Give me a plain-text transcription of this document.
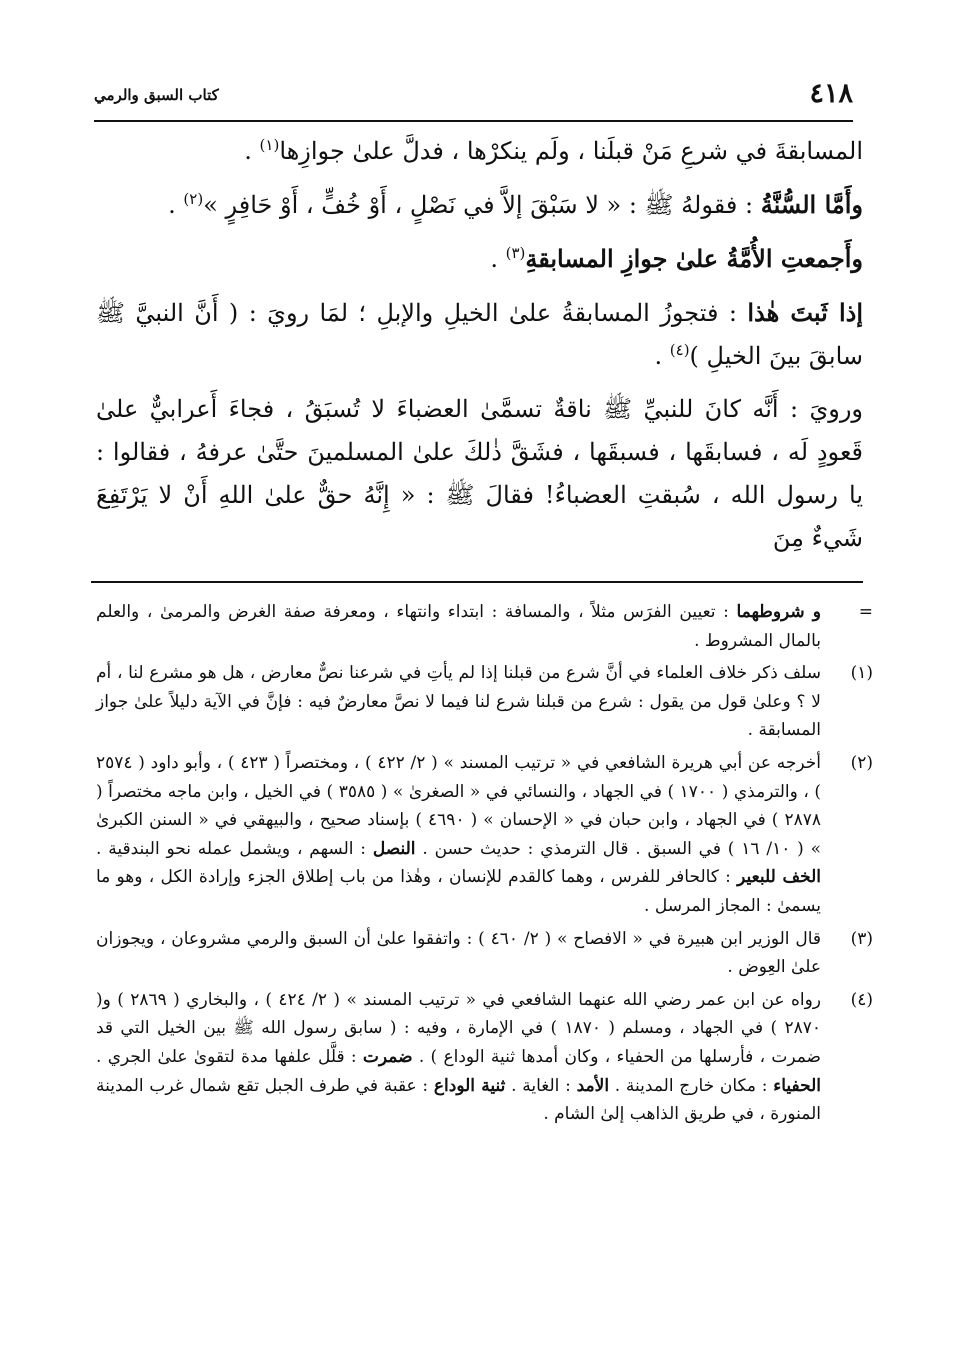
٤١٨
كتاب السبق والرمي

المسابقةَ في شرعِ مَنْ قبلَنا ، ولَم ينكرْها ، فدلَّ علىٰ جوازِها$^{(١)}$ .

وأَمَّا السُّنَّةُ : فقولهُ ﷺ : « لا سَبْقَ إلاَّ في نَصْلٍ ، أَوْ خُفٍّ ، أَوْ حَافِرٍ »$^{(٢)}$ .

وأَجمعتِ الأُمَّةُ علىٰ جوازِ المسابقةِ$^{(٣)}$ .

إذا ثَبتَ هٰذا : فتجوزُ المسابقةُ علىٰ الخيلِ والإبلِ ؛ لمَا رويَ : ( أَنَّ النبيَّ ﷺ سابقَ بينَ الخيلِ )$^{(٤)}$ .

ورويَ : أَنَّه كانَ للنبيِّ ﷺ ناقةٌ تسمَّىٰ العضباءَ لا تُسبَقُ ، فجاءَ أَعرابيٌّ علىٰ قَعودٍ لَه ، فسابقَها ، فسبقَها ، فشَقَّ ذٰلكَ علىٰ المسلمينَ حتَّىٰ عرفهُ ، فقالوا : يا رسول الله ، سُبقتِ العضباءُ! فقالَ ﷺ : « إِنَّهُ حقٌّ علىٰ اللهِ أَنْ لا يَرْتَفِعَ شَيءٌ مِنَ

=
و شروطهما : تعيين الفرَس مثلاً ، والمسافة : ابتداء وانتهاء ، ومعرفة صفة الغرض والمرمىٰ ، والعلم بالمال المشروط .
(١)
سلف ذكر خلاف العلماء في أنَّ شرع من قبلنا إذا لم يأتِ في شرعنا نصٌّ معارض ، هل هو مشرع لنا ، أم لا ؟ وعلىٰ قول من يقول : شرع من قبلنا شرع لنا فيما لا نصَّ معارضٌ فيه : فإنَّ في الآية دليلاً علىٰ جواز المسابقة .
(٢)
أخرجه عن أبي هريرة الشافعي في « ترتيب المسند » ( ٢/ ٤٢٢ ) ، ومختصراً ( ٤٢٣ ) ، وأبو داود ( ٢٥٧٤ ) ، والترمذي ( ١٧٠٠ ) في الجهاد ، والنسائي في « الصغرىٰ » ( ٣٥٨٥ ) في الخيل ، وابن ماجه مختصراً ( ٢٨٧٨ ) في الجهاد ، وابن حبان في « الإحسان » ( ٤٦٩٠ ) بإسناد صحيح ، والبيهقي في « السنن الكبرىٰ » ( ١٠/ ١٦ ) في السبق . قال الترمذي : حديث حسن . النصل : السهم ، ويشمل عمله نحو البندقية . الخف للبعير : كالحافر للفرس ، وهما كالقدم للإنسان ، وهٰذا من باب إطلاق الجزء وإرادة الكل ، وهو ما يسمىٰ : المجاز المرسل .
(٣)
قال الوزير ابن هبيرة في « الافصاح » ( ٢/ ٤٦٠ ) : واتفقوا علىٰ أن السبق والرمي مشروعان ، ويجوزان علىٰ العِوض .
(٤)
رواه عن ابن عمر رضي الله عنهما الشافعي في « ترتيب المسند » ( ٢/ ٤٢٤ ) ، والبخاري ( ٢٨٦٩ ) و( ٢٨٧٠ ) في الجهاد ، ومسلم ( ١٨٧٠ ) في الإمارة ، وفيه : ( سابق رسول الله ﷺ بين الخيل التي قد ضمرت ، فأرسلها من الحفياء ، وكان أمدها ثنية الوداع ) . ضمرت : قلَّل علفها مدة لتقوىٰ علىٰ الجري . الحفياء : مكان خارج المدينة . الأمد : الغاية . ثنية الوداع : عقبة في طرف الجبل تقع شمال غرب المدينة المنورة ، في طريق الذاهب إلىٰ الشام .
